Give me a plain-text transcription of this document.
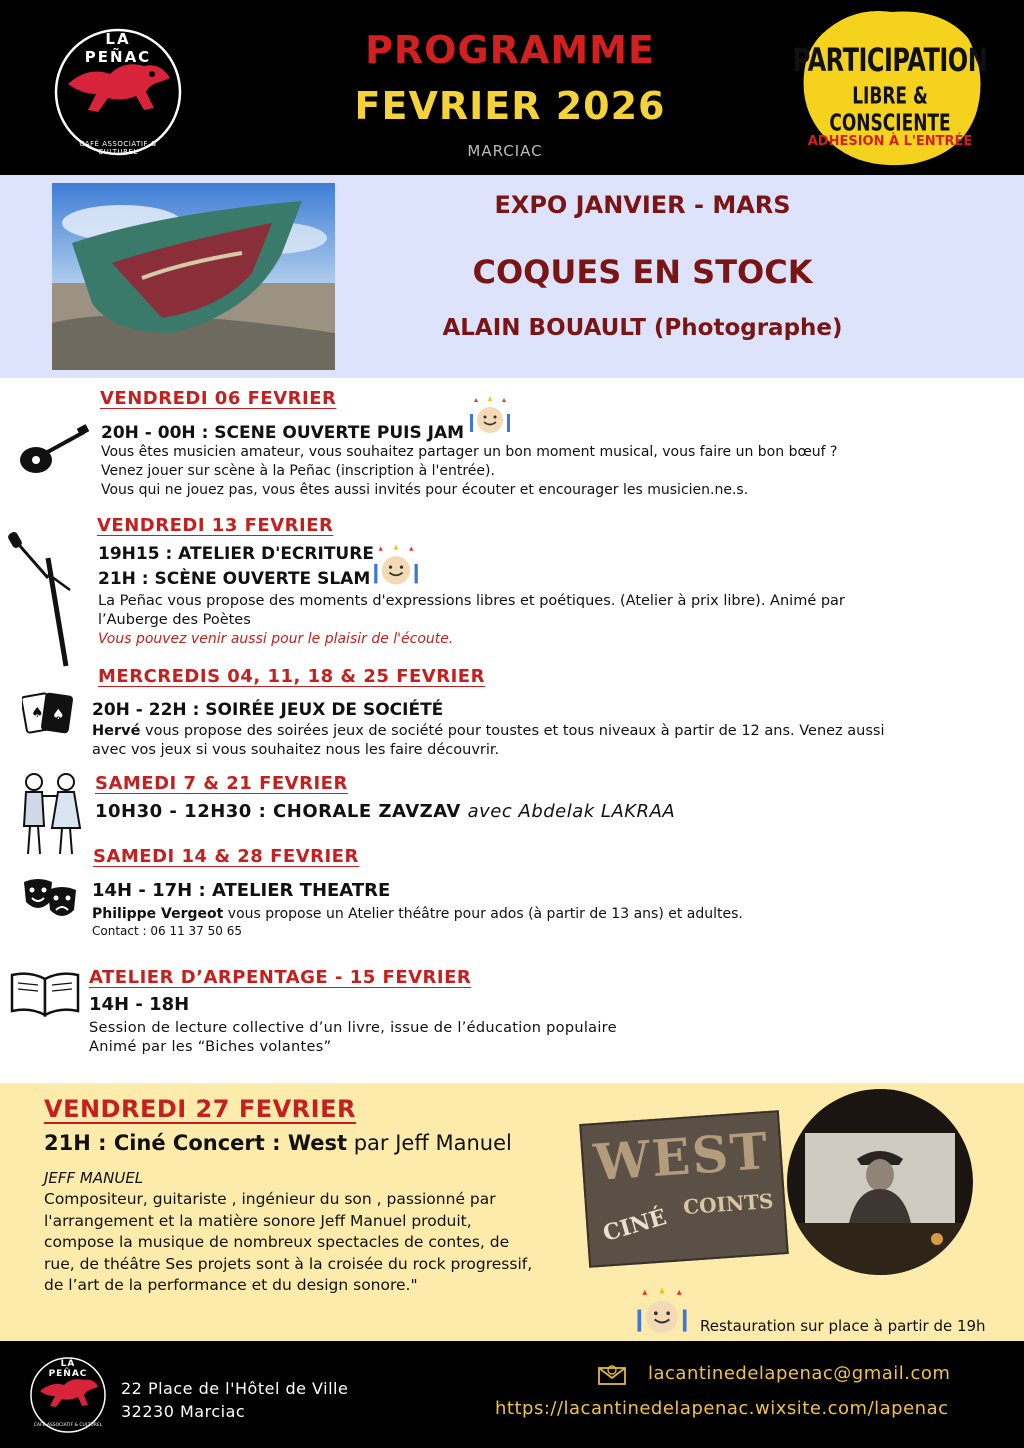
LA PEÑAC
CAFÉ ASSOCIATIF & CULTUREL
PROGRAMME
FEVRIER 2026
MARCIAC
PARTICIPATION
LIBRE & CONSCIENTE
ADHESION À L'ENTRÉE
EXPO JANVIER - MARS
COQUES EN STOCK
ALAIN BOUAULT (Photographe)
VENDREDI 06 FEVRIER
20H - 00H : SCENE OUVERTE PUIS JAM
Vous êtes musicien amateur, vous souhaitez partager un bon moment musical, vous faire un bon bœuf ?
Venez jouer sur scène à la Peñac (inscription à l'entrée).
Vous qui ne jouez pas, vous êtes aussi invités pour écouter et encourager les musicien.ne.s.
VENDREDI 13 FEVRIER
19H15 : ATELIER D'ECRITURE
21H : SCÈNE OUVERTE SLAM
La Peñac vous propose des moments d'expressions libres et poétiques. (Atelier à prix libre). Animé par
l’Auberge des Poètes
Vous pouvez venir aussi pour le plaisir de l'écoute.
♠ ♠
MERCREDIS 04, 11, 18 & 25 FEVRIER
20H - 22H : SOIRÉE JEUX DE SOCIÉTÉ
Hervé vous propose des soirées jeux de société pour toustes et tous niveaux à partir de 12 ans. Venez aussi
avec vos jeux si vous souhaitez nous les faire découvrir.
SAMEDI 7 & 21 FEVRIER
10H30 - 12H30 : CHORALE ZAVZAV avec Abdelak LAKRAA
SAMEDI 14 & 28 FEVRIER
14H - 17H : ATELIER THEATRE
Philippe Vergeot vous propose un Atelier théâtre pour ados (à partir de 13 ans) et adultes.
Contact : 06 11 37 50 65
ATELIER D’ARPENTAGE - 15 FEVRIER
14H - 18H
Session de lecture collective d’un livre, issue de l’éducation populaire
Animé par les “Biches volantes”
VENDREDI 27 FEVRIER
21H : Ciné Concert : West par Jeff Manuel
JEFF MANUEL
Compositeur, guitariste , ingénieur du son , passionné par
l'arrangement et la matière sonore Jeff Manuel produit,
compose la musique de nombreux spectacles de contes, de
rue, de théâtre Ses projets sont à la croisée du rock progressif,
de l’art de la performance et du design sonore."
WEST
CINÉ
COINTS
Restauration sur place à partir de 19h
LA PEÑAC
CAFÉ ASSOCIATIF & CULTUREL
22 Place de l'Hôtel de Ville
32230 Marciac
lacantinedelapenac@gmail.com
https://lacantinedelapenac.wixsite.com/lapenac
